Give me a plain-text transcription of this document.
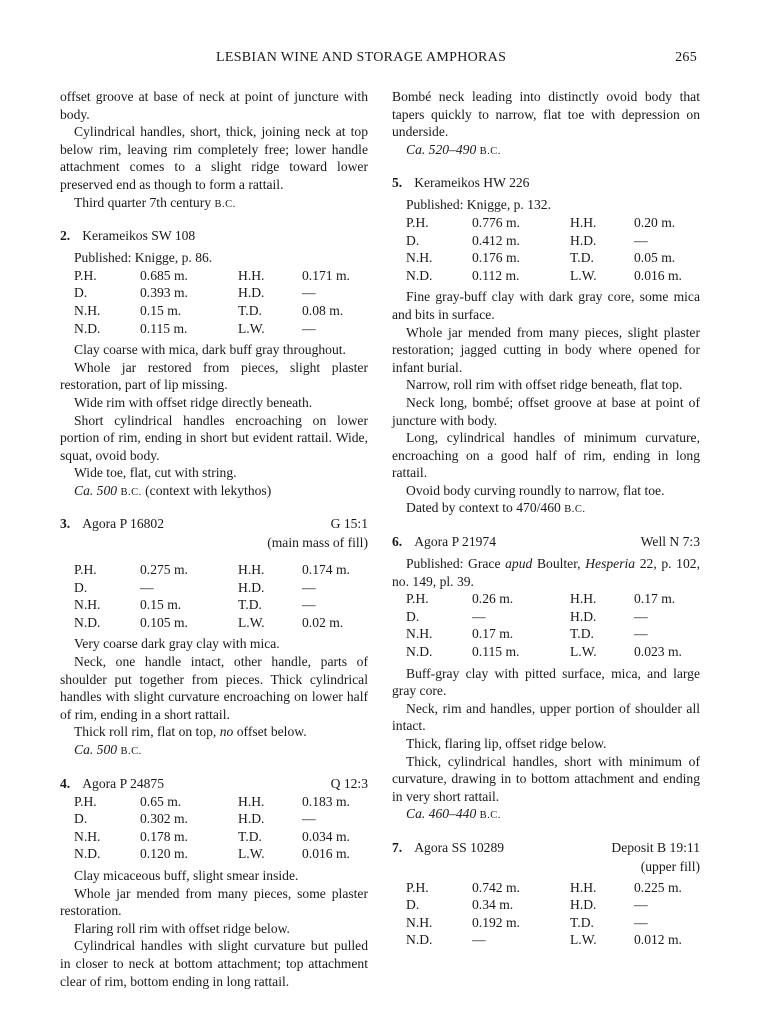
LESBIAN WINE AND STORAGE AMPHORAS	265

offset groove at base of neck at point of juncture with body.

Cylindrical handles, short, thick, joining neck at top below rim, leaving rim completely free; lower handle attachment comes to a slight ridge toward lower preserved end as though to form a rattail.

Third quarter 7th century B.C.

2. Kerameikos SW 108
Published: Knigge, p. 86.
P.H.	0.685 m.	H.H.	0.171 m.
D.	0.393 m.	H.D.	—
N.H.	0.15 m.	T.D.	0.08 m.
N.D.	0.115 m.	L.W.	—

Clay coarse with mica, dark buff gray throughout.

Whole jar restored from pieces, slight plaster restoration, part of lip missing.

Wide rim with offset ridge directly beneath.

Short cylindrical handles encroaching on lower portion of rim, ending in short but evident rattail. Wide, squat, ovoid body.

Wide toe, flat, cut with string.

Ca. 500 B.C. (context with lekythos)

3. Agora P 16802	G 15:1
(main mass of fill)
P.H.	0.275 m.	H.H.	0.174 m.
D.	—	H.D.	—
N.H.	0.15 m.	T.D.	—
N.D.	0.105 m.	L.W.	0.02 m.

Very coarse dark gray clay with mica.

Neck, one handle intact, other handle, parts of shoulder put together from pieces. Thick cylindrical handles with slight curvature encroaching on lower half of rim, ending in a short rattail.

Thick roll rim, flat on top, no offset below.

Ca. 500 B.C.

4. Agora P 24875	Q 12:3
P.H.	0.65 m.	H.H.	0.183 m.
D.	0.302 m.	H.D.	—
N.H.	0.178 m.	T.D.	0.034 m.
N.D.	0.120 m.	L.W.	0.016 m.

Clay micaceous buff, slight smear inside.

Whole jar mended from many pieces, some plaster restoration.

Flaring roll rim with offset ridge below.

Cylindrical handles with slight curvature but pulled in closer to neck at bottom attachment; top attachment clear of rim, bottom ending in long rattail.

Bombé neck leading into distinctly ovoid body that tapers quickly to narrow, flat toe with depression on underside.

Ca. 520–490 B.C.

5. Kerameikos HW 226
Published: Knigge, p. 132.
P.H.	0.776 m.	H.H.	0.20 m.
D.	0.412 m.	H.D.	—
N.H.	0.176 m.	T.D.	0.05 m.
N.D.	0.112 m.	L.W.	0.016 m.

Fine gray-buff clay with dark gray core, some mica and bits in surface.

Whole jar mended from many pieces, slight plaster restoration; jagged cutting in body where opened for infant burial.

Narrow, roll rim with offset ridge beneath, flat top.

Neck long, bombé; offset groove at base at point of juncture with body.

Long, cylindrical handles of minimum curvature, encroaching on a good half of rim, ending in long rattail.

Ovoid body curving roundly to narrow, flat toe.

Dated by context to 470/460 B.C.

6. Agora P 21974	Well N 7:3

Published: Grace apud Boulter, Hesperia 22, p. 102, no. 149, pl. 39.

P.H.	0.26 m.	H.H.	0.17 m.
D.	—	H.D.	—
N.H.	0.17 m.	T.D.	—
N.D.	0.115 m.	L.W.	0.023 m.

Buff-gray clay with pitted surface, mica, and large gray core.

Neck, rim and handles, upper portion of shoulder all intact.

Thick, flaring lip, offset ridge below.

Thick, cylindrical handles, short with minimum of curvature, drawing in to bottom attachment and ending in very short rattail.

Ca. 460–440 B.C.

7. Agora SS 10289	Deposit B 19:11
(upper fill)
P.H.	0.742 m.	H.H.	0.225 m.
D.	0.34 m.	H.D.	—
N.H.	0.192 m.	T.D.	—
N.D.	—	L.W.	0.012 m.
